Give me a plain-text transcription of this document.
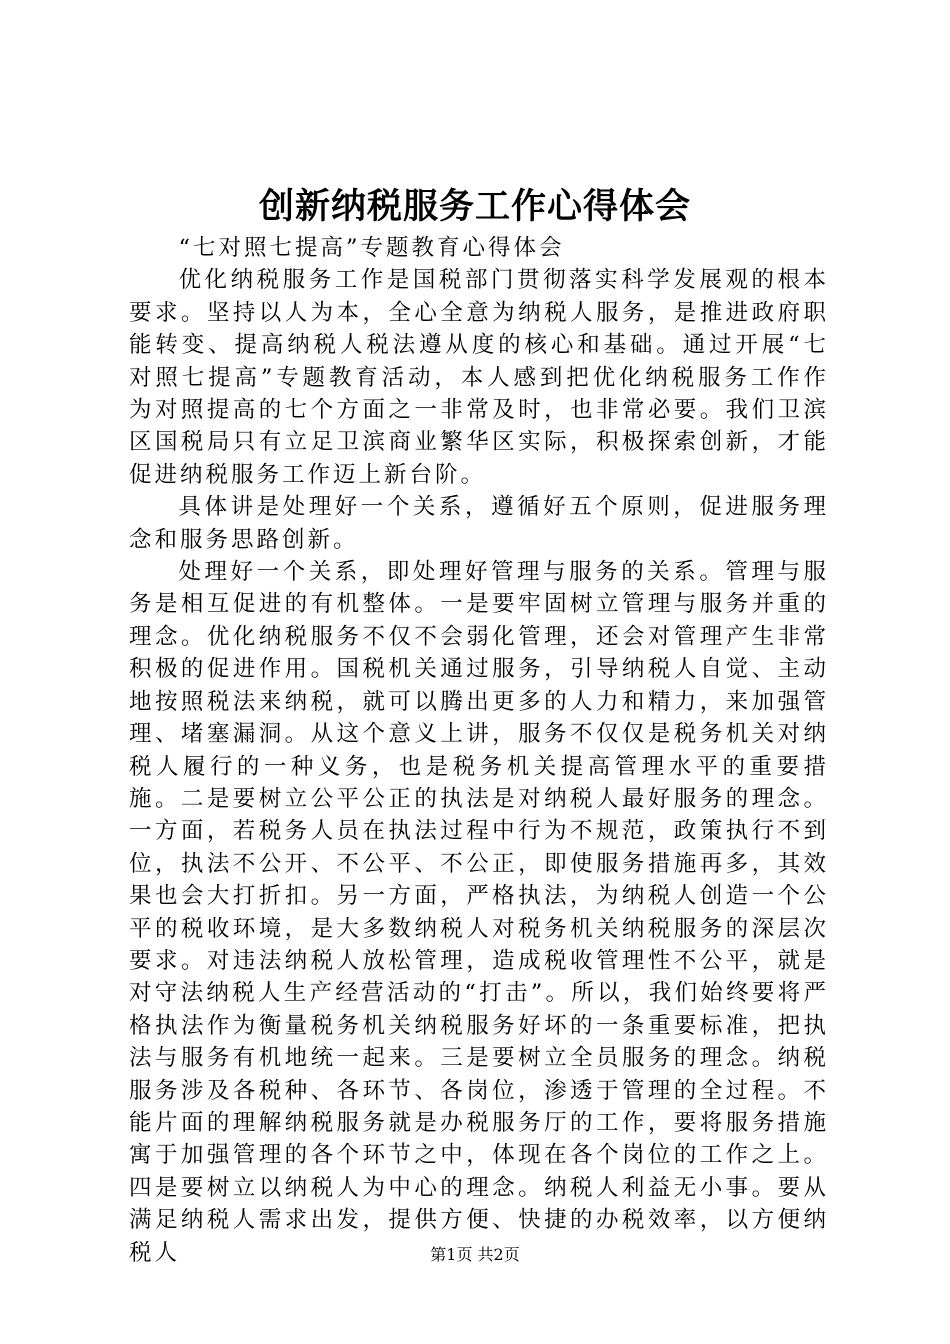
创新纳税服务工作心得体会

“七对照七提高”专题教育心得体会

优化纳税服务工作是国税部门贯彻落实科学发展观的根本要求。坚持以人为本，全心全意为纳税人服务，是推进政府职能转变、提高纳税人税法遵从度的核心和基础。通过开展“七对照七提高”专题教育活动，本人感到把优化纳税服务工作作为对照提高的七个方面之一非常及时，也非常必要。我们卫滨区国税局只有立足卫滨商业繁华区实际，积极探索创新，才能促进纳税服务工作迈上新台阶。

具体讲是处理好一个关系，遵循好五个原则，促进服务理念和服务思路创新。

处理好一个关系，即处理好管理与服务的关系。管理与服务是相互促进的有机整体。一是要牢固树立管理与服务并重的理念。优化纳税服务不仅不会弱化管理，还会对管理产生非常积极的促进作用。国税机关通过服务，引导纳税人自觉、主动地按照税法来纳税，就可以腾出更多的人力和精力，来加强管理、堵塞漏洞。从这个意义上讲，服务不仅仅是税务机关对纳税人履行的一种义务，也是税务机关提高管理水平的重要措施。二是要树立公平公正的执法是对纳税人最好服务的理念。一方面，若税务人员在执法过程中行为不规范，政策执行不到位，执法不公开、不公平、不公正，即使服务措施再多，其效果也会大打折扣。另一方面，严格执法，为纳税人创造一个公平的税收环境，是大多数纳税人对税务机关纳税服务的深层次要求。对违法纳税人放松管理，造成税收管理性不公平，就是对守法纳税人生产经营活动的“打击”。所以，我们始终要将严格执法作为衡量税务机关纳税服务好坏的一条重要标准，把执法与服务有机地统一起来。三是要树立全员服务的理念。纳税服务涉及各税种、各环节、各岗位，渗透于管理的全过程。不能片面的理解纳税服务就是办税服务厅的工作，要将服务措施寓于加强管理的各个环节之中，体现在各个岗位的工作之上。四是要树立以纳税人为中心的理念。纳税人利益无小事。要从满足纳税人需求出发，提供方便、快捷的办税效率，以方便纳税人	第1页 共2页
